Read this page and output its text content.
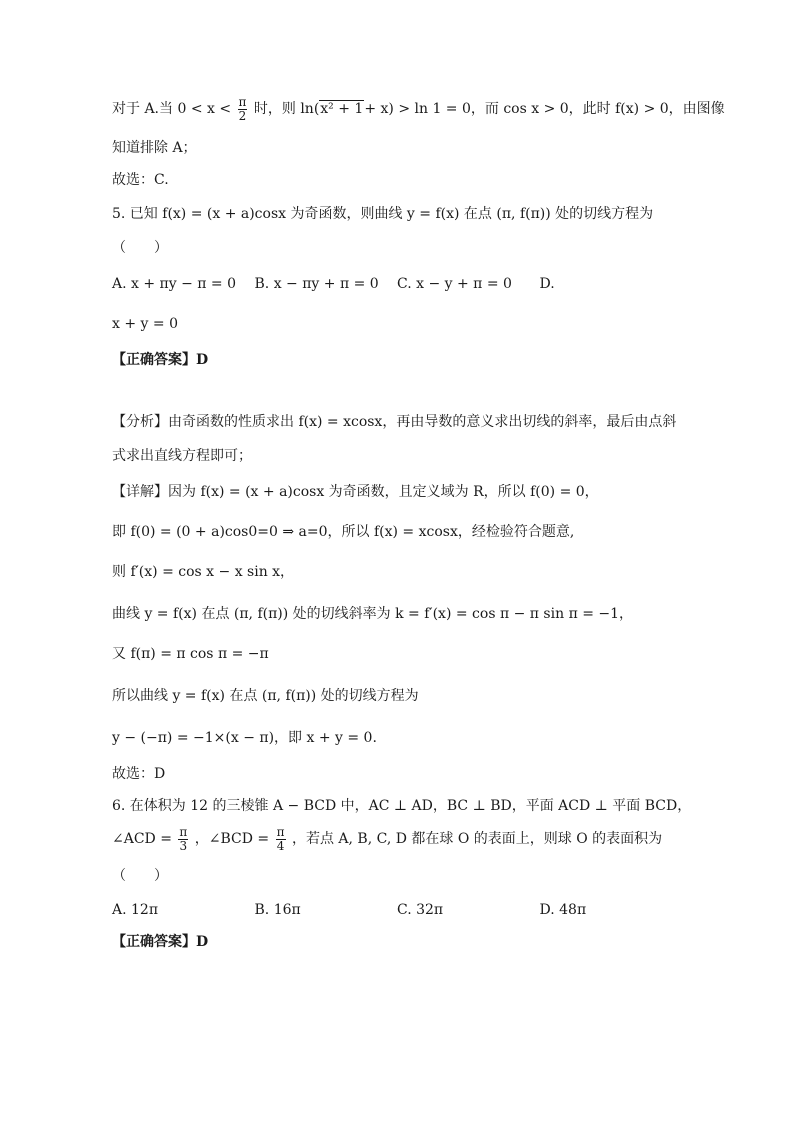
对于 A.当 $0 < x < \frac{\pi}{2}$ 时，则 ln(x² + 1+ x) > ln 1 = 0，而 cos x > 0，此时 f(x) > 0，由图像
知道排除 A；
故选：C.
5. 已知 f(x) = (x + a)cosx 为奇函数，则曲线 y = f(x) 在点 (π, f(π)) 处的切线方程为
（　　）
A. x + πy − π = 0	B. x − πy + π = 0	C. x − y + π = 0	D.
x + y = 0
【正确答案】D
【分析】由奇函数的性质求出 f(x) = xcosx，再由导数的意义求出切线的斜率，最后由点斜
式求出直线方程即可；
【详解】因为 f(x) = (x + a)cosx 为奇函数，且定义域为 R，所以 f(0) = 0，
即 f(0) = (0 + a)cos0=0 ⇒ a=0，所以 f(x) = xcosx，经检验符合题意,
则 f′(x) = cos x − x sin x，
曲线 y = f(x) 在点 (π, f(π)) 处的切线斜率为 k = f′(x) = cos π − π sin π = −1，
又 f(π) = π cos π = −π
所以曲线 y = f(x) 在点 (π, f(π)) 处的切线方程为
y − (−π) = −1×(x − π)，即 x + y = 0.
故选：D
6. 在体积为 12 的三棱锥 A − BCD 中，AC ⊥ AD，BC ⊥ BD，平面 ACD ⊥ 平面 BCD，
∠ACD = $\frac{\pi}{3}$ ，∠BCD = $\frac{\pi}{4}$ ，若点 A, B, C, D 都在球 O 的表面上，则球 O 的表面积为
（　　）
A. 12π	B. 16π	C. 32π	D. 48π
【正确答案】D
